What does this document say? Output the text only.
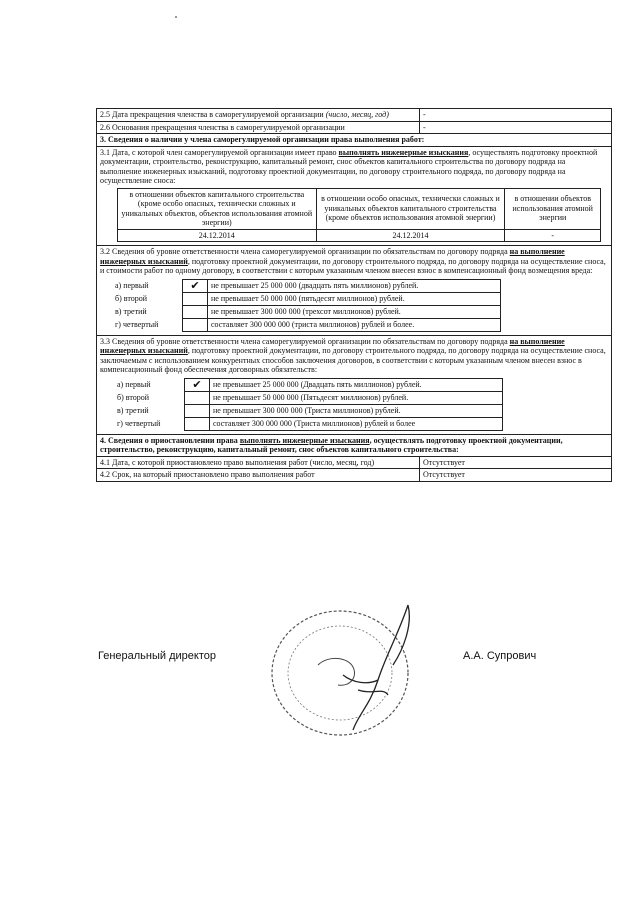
2.5 Дата прекращения членства в саморегулируемой организации (число, месяц, год)	-
2.6 Основания прекращения членства в саморегулируемой организации	-
3. Сведения о наличии у члена саморегулируемой организации права выполнения работ:
3.1 Дата, с которой член саморегулируемой организации имеет право выполнять инженерные изыскания, осуществлять подготовку проектной документации, строительство, реконструкцию, капитальный ремонт, снос объектов капитального строительства по договору подряда на выполнение инженерных изысканий, подготовку проектной документации, по договору строительного подряда, по договору подряда на осуществление сноса:
в отношении объектов капитального строительства (кроме особо опасных, технически сложных и уникальных объектов, объектов использования атомной энергии)	в отношении особо опасных, технически сложных и уникальных объектов капитального строительства (кроме объектов использования атомной энергии)	в отношении объектов использования атомной энергии
24.12.2014	24.12.2014	-
3.2 Сведения об уровне ответственности члена саморегулируемой организации по обязательствам по договору подряда на выполнение инженерных изысканий, подготовку проектной документации, по договору строительного подряда, по договору подряда на осуществление сноса, и стоимости работ по одному договору, в соответствии с которым указанным членом внесен взнос в компенсационный фонд возмещения вреда:
а) первый	✔	не превышает 25 000 000 (двадцать пять миллионов) рублей.
б) второй		не превышает 50 000 000 (пятьдесят миллионов) рублей.
в) третий		не превышает 300 000 000 (трехсот миллионов) рублей.
г) четвертый		составляет 300 000 000 (триста миллионов) рублей и более.
3.3 Сведения об уровне ответственности члена саморегулируемой организации по обязательствам по договору подряда на выполнение инженерных изысканий, подготовку проектной документации, по договору строительного подряда, по договору подряда на осуществление сноса, заключаемым с использованием конкурентных способов заключения договоров, в соответствии с которым указанным членом внесен взнос в компенсационный фонд обеспечения договорных обязательств:
а) первый	✔	не превышает 25 000 000 (Двадцать пять миллионов) рублей.
б) второй		не превышает 50 000 000 (Пятьдесят миллионов) рублей.
в) третий		не превышает 300 000 000 (Триста миллионов) рублей.
г) четвертый		составляет 300 000 000 (Триста миллионов) рублей и более
4. Сведения о приостановлении права выполнять инженерные изыскания, осуществлять подготовку проектной документации, строительство, реконструкцию, капитальный ремонт, снос объектов капитального строительства:
4.1 Дата, с которой приостановлено право выполнения работ (число, месяц, год)	Отсутствует
4.2 Срок, на который приостановлено право выполнения работ	Отсутствует
Генеральный директор	А.А. Супрович
